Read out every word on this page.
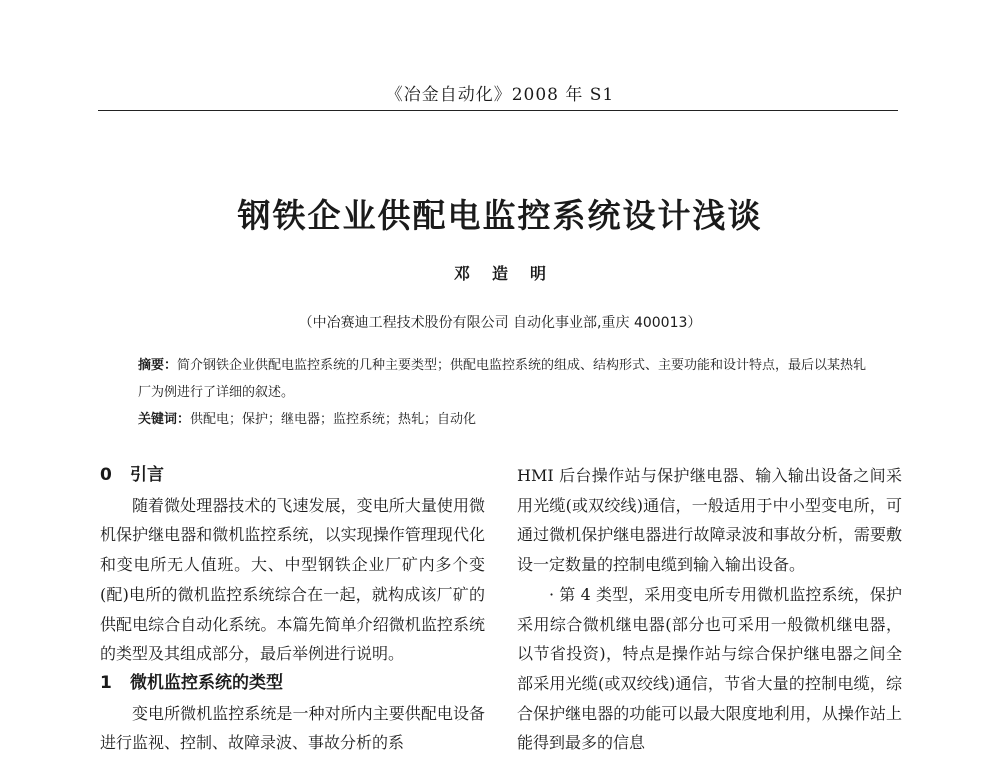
《冶金自动化》2008 年 S1
钢铁企业供配电监控系统设计浅谈
邓造明
（中冶赛迪工程技术股份有限公司 自动化事业部,重庆 400013）
摘要：简介钢铁企业供配电监控系统的几种主要类型；供配电监控系统的组成、结构形式、主要功能和设计特点，最后以某热轧厂为例进行了详细的叙述。
关键词：供配电；保护；继电器；监控系统；热轧；自动化
0 引言

随着微处理器技术的飞速发展，变电所大量使用微机保护继电器和微机监控系统，以实现操作管理现代化和变电所无人值班。大、中型钢铁企业厂矿内多个变(配)电所的微机监控系统综合在一起，就构成该厂矿的供配电综合自动化系统。本篇先简单介绍微机监控系统的类型及其组成部分，最后举例进行说明。

1 微机监控系统的类型

变电所微机监控系统是一种对所内主要供配电设备进行监视、控制、故障录波、事故分析的系

HMI 后台操作站与保护继电器、输入输出设备之间采用光缆(或双绞线)通信，一般适用于中小型变电所，可通过微机保护继电器进行故障录波和事故分析，需要敷设一定数量的控制电缆到输入输出设备。

· 第 4 类型，采用变电所专用微机监控系统，保护采用综合微机继电器(部分也可采用一般微机继电器，以节省投资)，特点是操作站与综合保护继电器之间全部采用光缆(或双绞线)通信，节省大量的控制电缆，综合保护继电器的功能可以最大限度地利用，从操作站上能得到最多的信息
